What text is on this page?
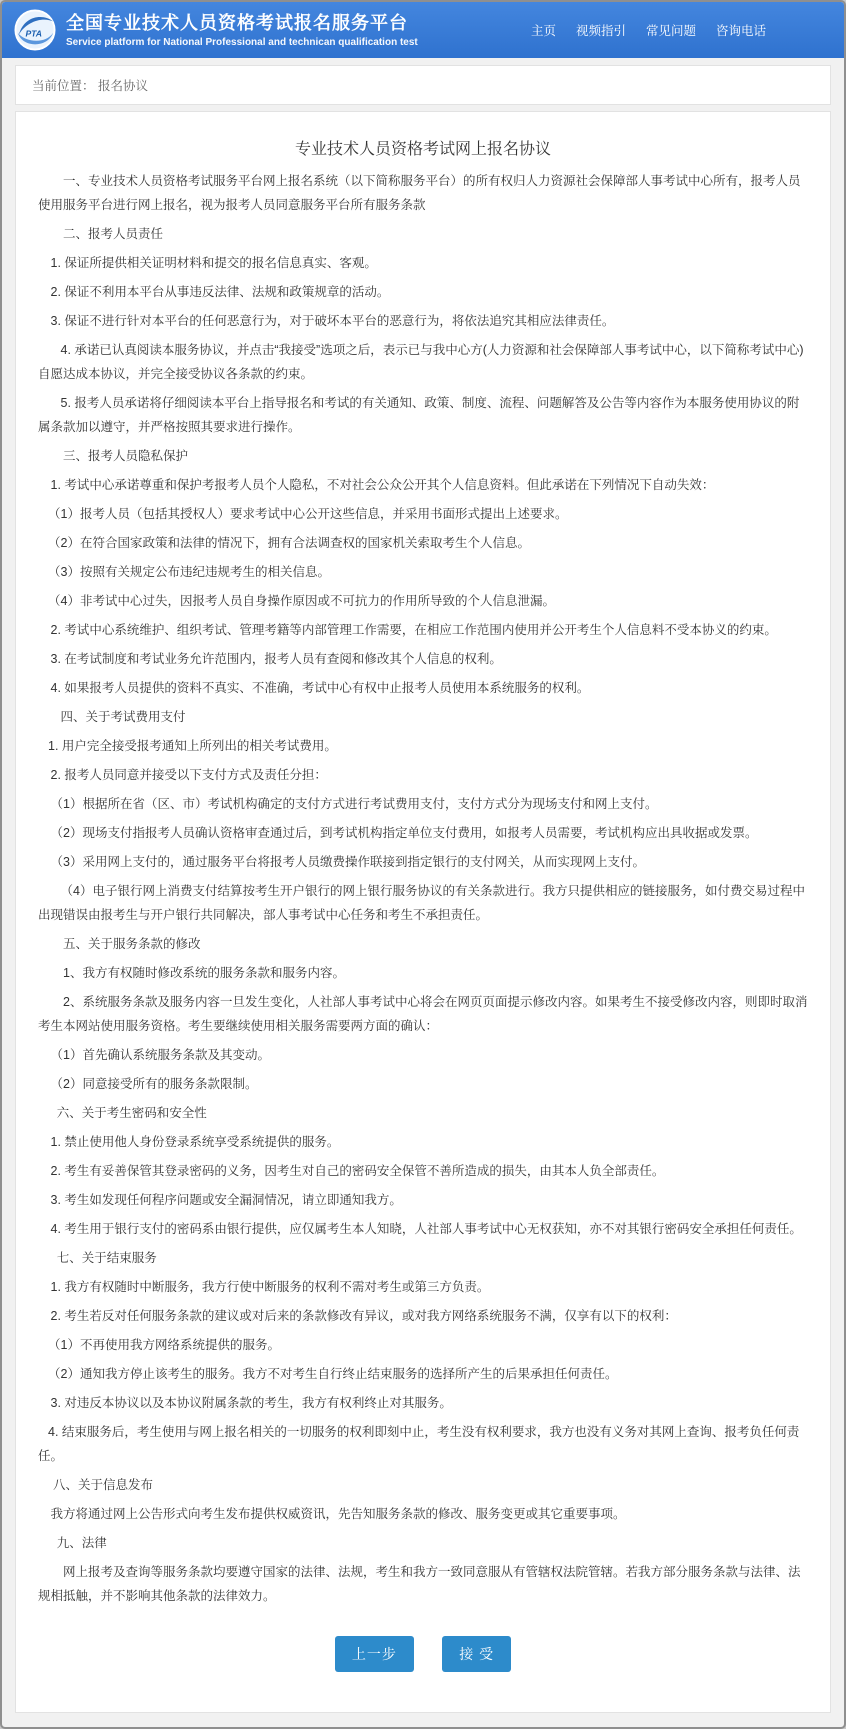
PTA
全国专业技术人员资格考试报名服务平台
Service platform for National Professional and technican qualification test
主页 视频指引 常见问题 咨询电话
当前位置： 报名协议
专业技术人员资格考试网上报名协议

一、专业技术人员资格考试服务平台网上报名系统（以下简称服务平台）的所有权归人力资源社会保障部人事考试中心所有，报考人员使用服务平台进行网上报名，视为报考人员同意服务平台所有服务条款

二、报考人员责任

1. 保证所提供相关证明材料和提交的报名信息真实、客观。

2. 保证不利用本平台从事违反法律、法规和政策规章的活动。

3. 保证不进行针对本平台的任何恶意行为，对于破坏本平台的恶意行为，将依法追究其相应法律责任。

4. 承诺已认真阅读本服务协议，并点击“我接受”选项之后，表示已与我中心方(人力资源和社会保障部人事考试中心，以下简称考试中心)自愿达成本协议，并完全接受协议各条款的约束。

5. 报考人员承诺将仔细阅读本平台上指导报名和考试的有关通知、政策、制度、流程、问题解答及公告等内容作为本服务使用协议的附属条款加以遵守，并严格按照其要求进行操作。

三、报考人员隐私保护

1. 考试中心承诺尊重和保护考报考人员个人隐私，不对社会公众公开其个人信息资料。但此承诺在下列情况下自动失效：

（1）报考人员（包括其授权人）要求考试中心公开这些信息，并采用书面形式提出上述要求。

（2）在符合国家政策和法律的情况下，拥有合法调查权的国家机关索取考生个人信息。

（3）按照有关规定公布违纪违规考生的相关信息。

（4）非考试中心过失，因报考人员自身操作原因或不可抗力的作用所导致的个人信息泄漏。

2. 考试中心系统维护、组织考试、管理考籍等内部管理工作需要，在相应工作范围内使用并公开考生个人信息料不受本协义的约束。

3. 在考试制度和考试业务允许范围内，报考人员有查阅和修改其个人信息的权利。

4. 如果报考人员提供的资料不真实、不准确，考试中心有权中止报考人员使用本系统服务的权利。

四、关于考试费用支付

1. 用户完全接受报考通知上所列出的相关考试费用。

2. 报考人员同意并接受以下支付方式及责任分担：

（1）根据所在省（区、市）考试机构确定的支付方式进行考试费用支付，支付方式分为现场支付和网上支付。

（2）现场支付指报考人员确认资格审查通过后，到考试机构指定单位支付费用，如报考人员需要，考试机构应出具收据或发票。

（3）采用网上支付的，通过服务平台将报考人员缴费操作联接到指定银行的支付网关，从而实现网上支付。

（4）电子银行网上消费支付结算按考生开户银行的网上银行服务协议的有关条款进行。我方只提供相应的链接服务，如付费交易过程中出现错误由报考生与开户银行共同解决，部人事考试中心任务和考生不承担责任。

五、关于服务条款的修改

1、我方有权随时修改系统的服务条款和服务内容。

2、系统服务条款及服务内容一旦发生变化，人社部人事考试中心将会在网页页面提示修改内容。如果考生不接受修改内容，则即时取消考生本网站使用服务资格。考生要继续使用相关服务需要两方面的确认：

（1）首先确认系统服务条款及其变动。

（2）同意接受所有的服务条款限制。

六、关于考生密码和安全性

1. 禁止使用他人身份登录系统享受系统提供的服务。

2. 考生有妥善保管其登录密码的义务，因考生对自己的密码安全保管不善所造成的损失，由其本人负全部责任。

3. 考生如发现任何程序问题或安全漏洞情况，请立即通知我方。

4. 考生用于银行支付的密码系由银行提供，应仅属考生本人知晓，人社部人事考试中心无权获知，亦不对其银行密码安全承担任何责任。

七、关于结束服务

1. 我方有权随时中断服务，我方行使中断服务的权利不需对考生或第三方负责。

2. 考生若反对任何服务条款的建议或对后来的条款修改有异议，或对我方网络系统服务不满，仅享有以下的权利：

（1）不再使用我方网络系统提供的服务。

（2）通知我方停止该考生的服务。我方不对考生自行终止结束服务的选择所产生的后果承担任何责任。

3. 对违反本协议以及本协议附属条款的考生，我方有权利终止对其服务。

4. 结束服务后，考生使用与网上报名相关的一切服务的权利即刻中止，考生没有权利要求，我方也没有义务对其网上查询、报考负任何责任。

八、关于信息发布

我方将通过网上公告形式向考生发布提供权威资讯，先告知服务条款的修改、服务变更或其它重要事项。

九、法律

网上报考及查询等服务条款均要遵守国家的法律、法规，考生和我方一致同意服从有管辖权法院管辖。若我方部分服务条款与法律、法规相抵触，并不影响其他条款的法律效力。

上一步	接 受
